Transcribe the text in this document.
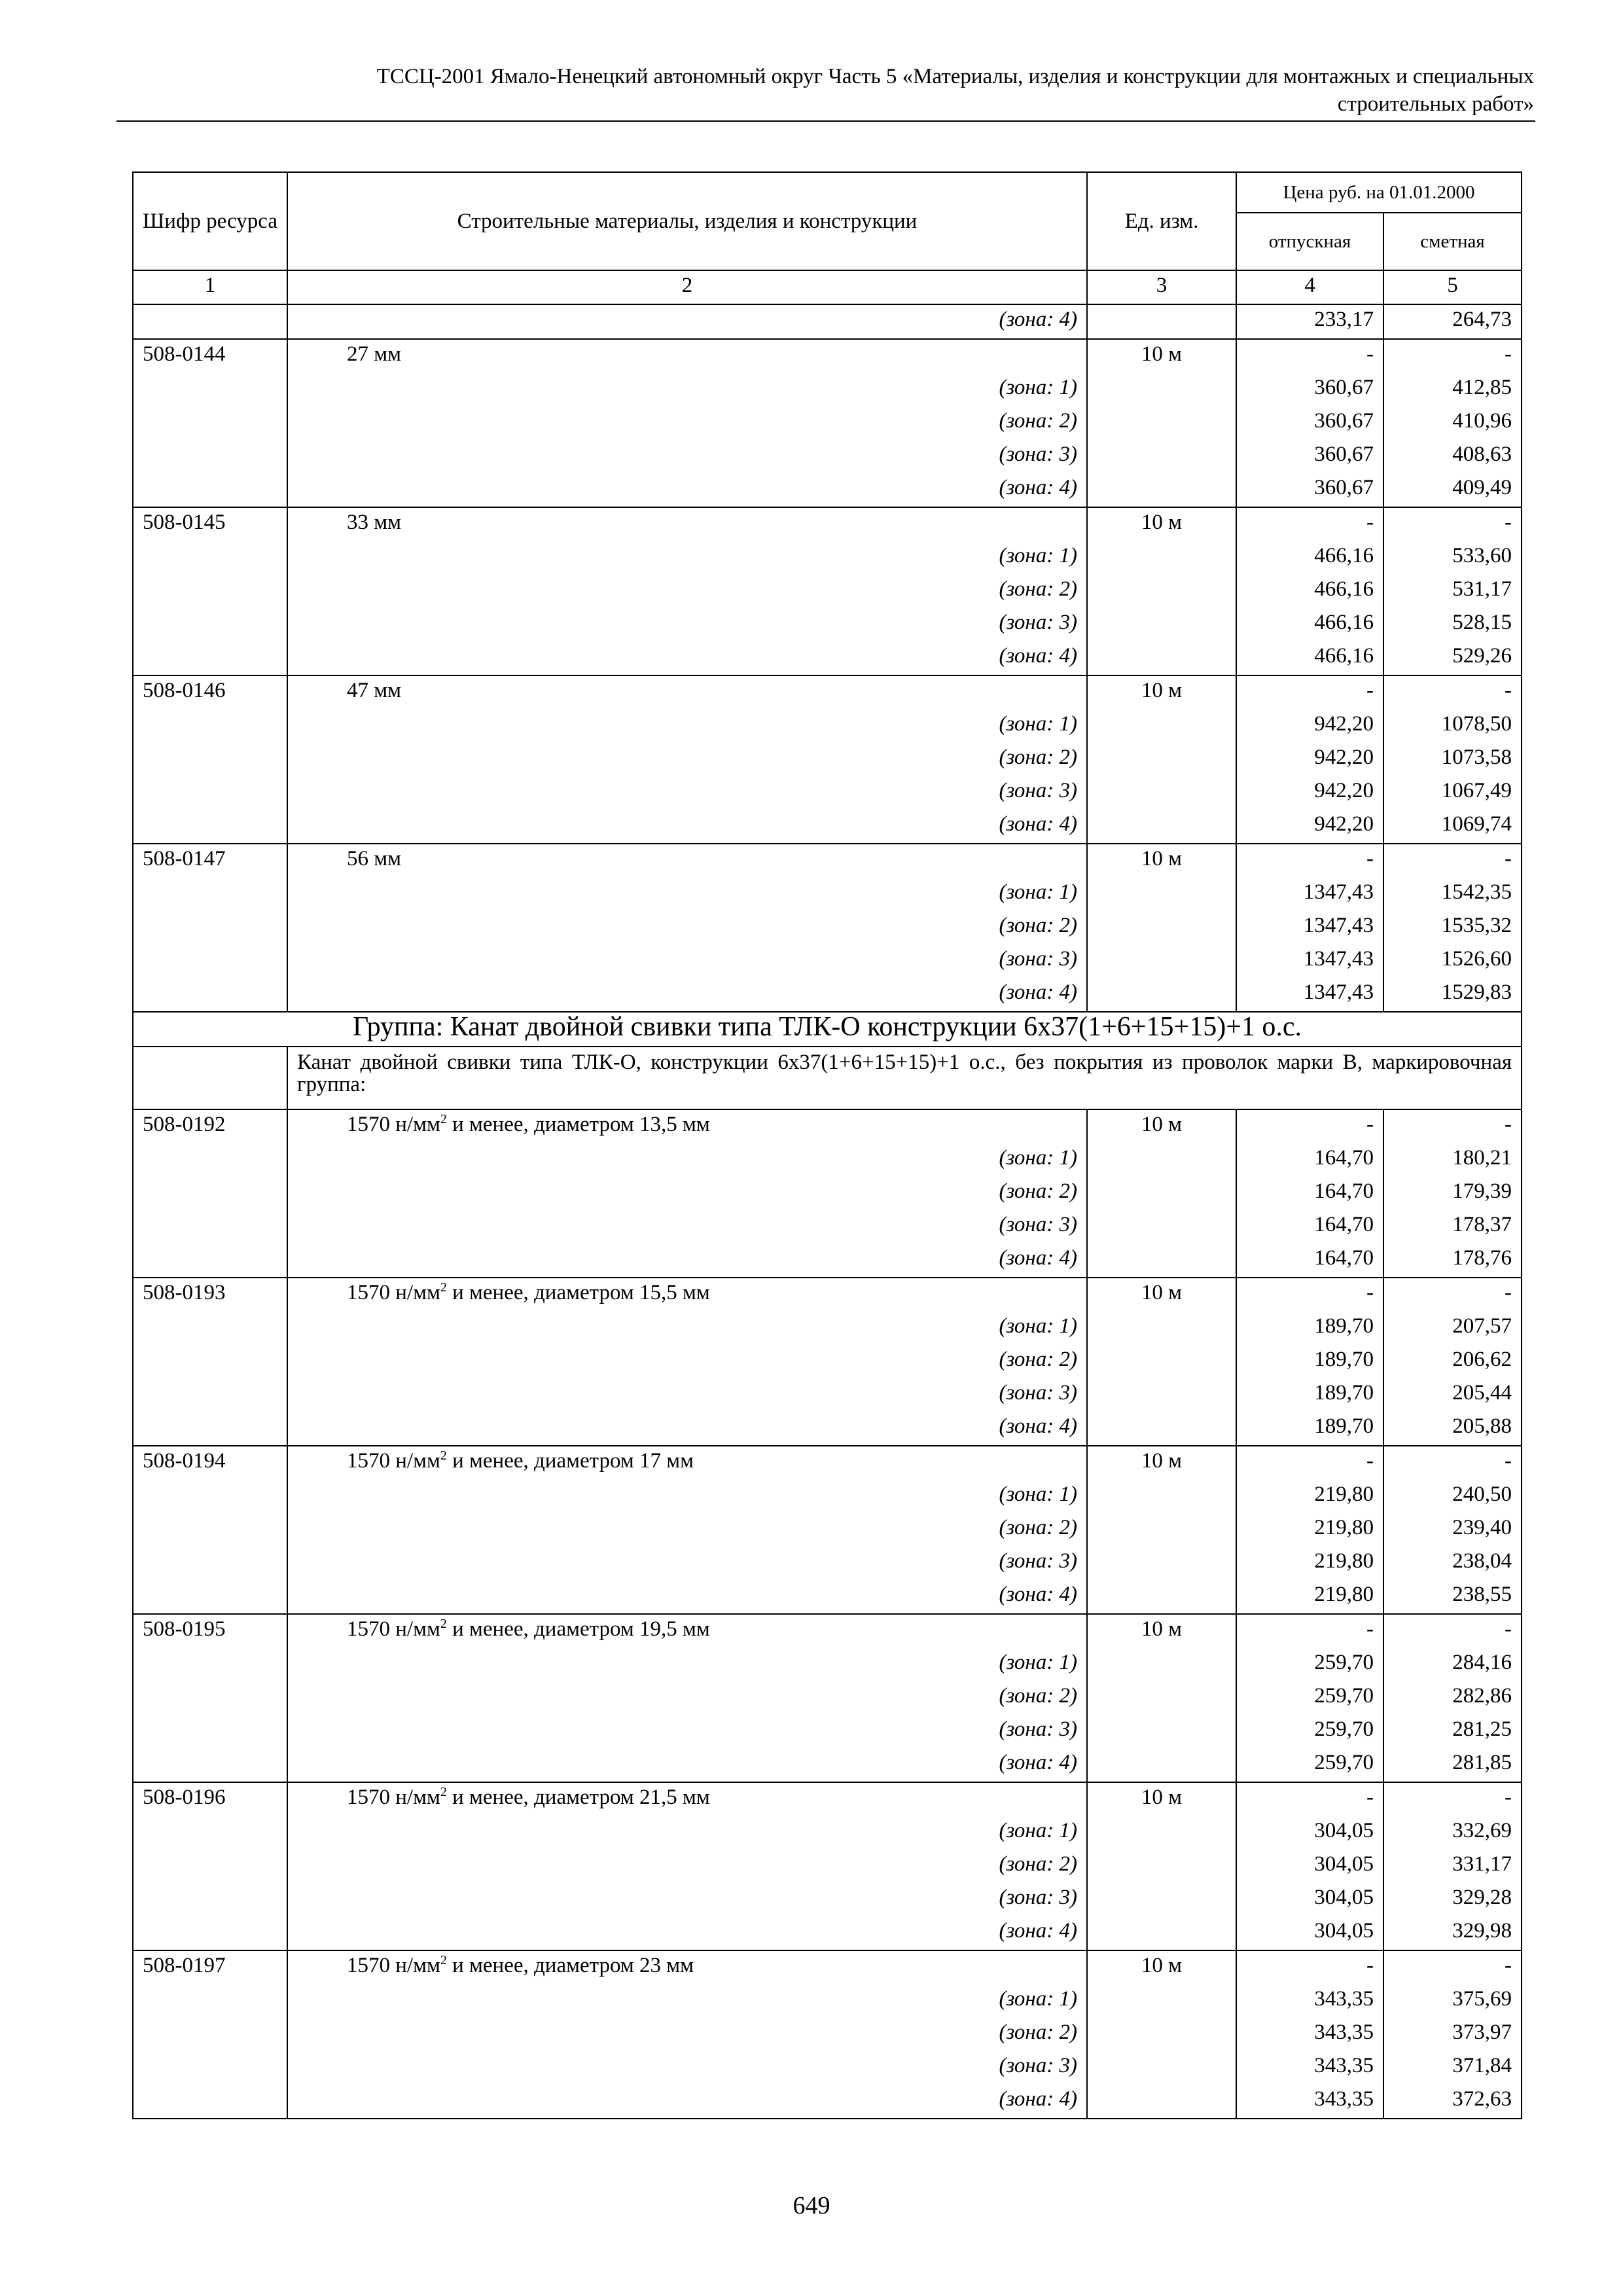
ТССЦ-2001 Ямало-Ненецкий автономный округ Часть 5 «Материалы, изделия и конструкции для монтажных и специальных
строительных работ»
Шифр ресурса	Строительные материалы, изделия и конструкции	Ед. изм.	Цена руб. на 01.01.2000	
			отпускная	сметная
1	2	3	4	5
	(зона: 4)		233,17	264,73
508-0144	27 мм	10 м	-	-
	(зона: 1)		360,67	412,85
	(зона: 2)		360,67	410,96
	(зона: 3)		360,67	408,63
	(зона: 4)		360,67	409,49
508-0145	33 мм	10 м	-	-
	(зона: 1)		466,16	533,60
	(зона: 2)		466,16	531,17
	(зона: 3)		466,16	528,15
	(зона: 4)		466,16	529,26
508-0146	47 мм	10 м	-	-
	(зона: 1)		942,20	1078,50
	(зона: 2)		942,20	1073,58
	(зона: 3)		942,20	1067,49
	(зона: 4)		942,20	1069,74
508-0147	56 мм	10 м	-	-
	(зона: 1)		1347,43	1542,35
	(зона: 2)		1347,43	1535,32
	(зона: 3)		1347,43	1526,60
	(зона: 4)		1347,43	1529,83
Группа: Канат двойной свивки типа ТЛК-О конструкции 6х37(1+6+15+15)+1 о.с.				
	Канат двойной свивки типа ТЛК-О, конструкции 6х37(1+6+15+15)+1 о.с., без покрытия из проволок марки В, маркировочная группа:			
508-0192	1570 $н/мм^2$ и менее, диаметром 13,5 мм	10 м	-	-
	(зона: 1)		164,70	180,21
	(зона: 2)		164,70	179,39
	(зона: 3)		164,70	178,37
	(зона: 4)		164,70	178,76
508-0193	1570 $н/мм^2$ и менее, диаметром 15,5 мм	10 м	-	-
	(зона: 1)		189,70	207,57
	(зона: 2)		189,70	206,62
	(зона: 3)		189,70	205,44
	(зона: 4)		189,70	205,88
508-0194	1570 $н/мм^2$ и менее, диаметром 17 мм	10 м	-	-
	(зона: 1)		219,80	240,50
	(зона: 2)		219,80	239,40
	(зона: 3)		219,80	238,04
	(зона: 4)		219,80	238,55
508-0195	1570 $н/мм^2$ и менее, диаметром 19,5 мм	10 м	-	-
	(зона: 1)		259,70	284,16
	(зона: 2)		259,70	282,86
	(зона: 3)		259,70	281,25
	(зона: 4)		259,70	281,85
508-0196	1570 $н/мм^2$ и менее, диаметром 21,5 мм	10 м	-	-
	(зона: 1)		304,05	332,69
	(зона: 2)		304,05	331,17
	(зона: 3)		304,05	329,28
	(зона: 4)		304,05	329,98
508-0197	1570 $н/мм^2$ и менее, диаметром 23 мм	10 м	-	-
	(зона: 1)		343,35	375,69
	(зона: 2)		343,35	373,97
	(зона: 3)		343,35	371,84
	(зона: 4)		343,35	372,63
649
